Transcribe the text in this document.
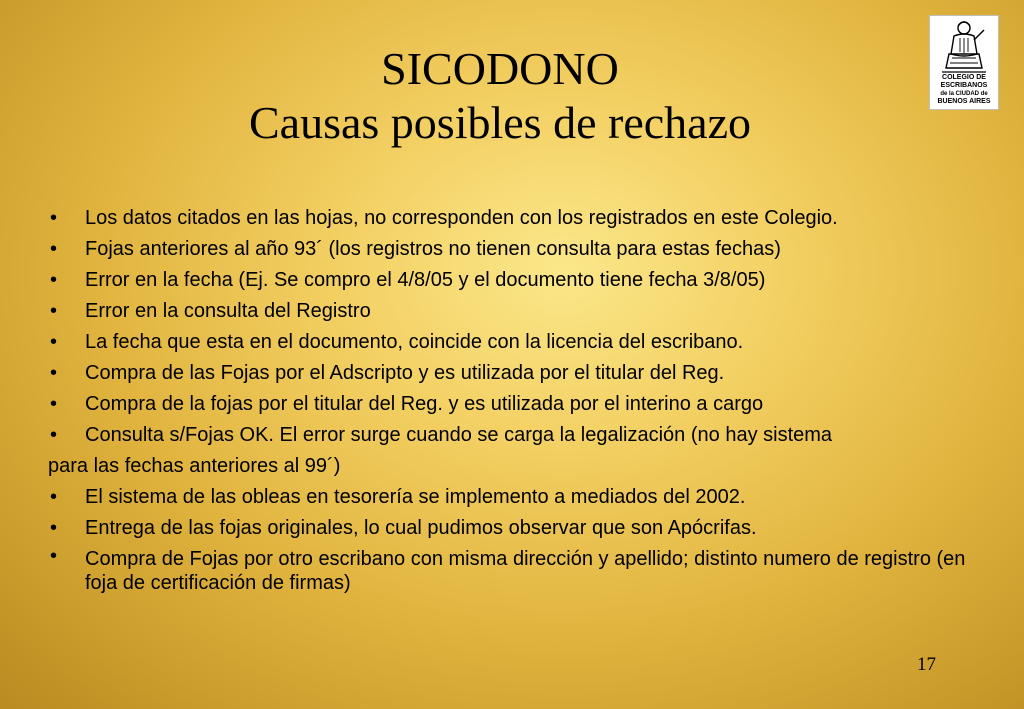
SICODONO
Causas posibles de rechazo
COLEGIO DE
ESCRIBANOS
de la CIUDAD de
BUENOS AIRES
• Los datos citados en las hojas, no corresponden con los registrados en este Colegio.
• Fojas anteriores al año 93´ (los registros no tienen consulta para estas fechas)
• Error en la fecha (Ej. Se compro el 4/8/05 y el documento tiene fecha 3/8/05)
• Error en la consulta del Registro
• La fecha que esta en el documento, coincide con la licencia del escribano.
• Compra de las Fojas por el Adscripto y es utilizada por el titular del Reg.
• Compra de la fojas por el titular del Reg. y es utilizada por el interino a cargo
• Consulta s/Fojas OK. El error surge cuando se carga la legalización (no hay sistema
para las fechas anteriores al 99´)
• El sistema de las obleas en tesorería se implemento a mediados del 2002.
• Entrega de las fojas originales, lo cual pudimos observar que son Apócrifas.
• Compra de Fojas por otro escribano con misma dirección y apellido; distinto numero de registro (en foja de certificación de firmas)
17
